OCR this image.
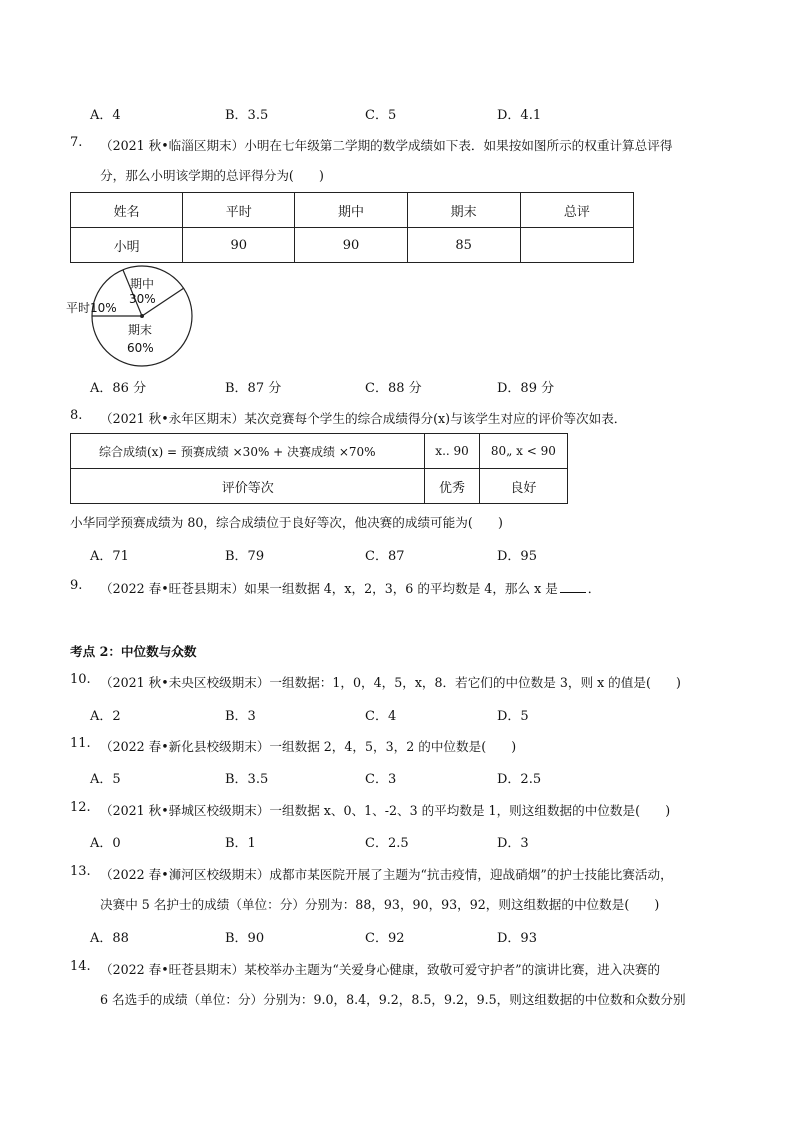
A．4	B．3.5	C．5	D．4.1
7. （2021 秋•临淄区期末）小明在七年级第二学期的数学成绩如下表．如果按如图所示的权重计算总评得
分，那么小明该学期的总评得分为(　　)
姓名	平时	期中	期末	总评
小明	90	90	85	
平时10%
期中
30%
期末
60%
A．86 分	B．87 分	C．88 分	D．89 分
8. （2021 秋•永年区期末）某次竞赛每个学生的综合成绩得分(x)与该学生对应的评价等次如表．
综合成绩(x) = 预赛成绩 ×30% + 决赛成绩 ×70%	x.. 90	80„ x < 90
评价等次	优秀	良好
小华同学预赛成绩为 80，综合成绩位于良好等次，他决赛的成绩可能为(　　)
A．71	B．79	C．87	D．95
9. （2022 春•旺苍县期末）如果一组数据 4，x，2，3，6 的平均数是 4，那么 x 是 ．
考点 2：中位数与众数
10. （2021 秋•未央区校级期末）一组数据：1，0，4，5，x，8．若它们的中位数是 3，则 x 的值是(　　)
A．2	B．3	C．4	D．5
11. （2022 春•新化县校级期末）一组数据 2，4，5，3，2 的中位数是(　　)
A．5	B．3.5	C．3	D．2.5
12. （2021 秋•驿城区校级期末）一组数据 x、0、1、-2、3 的平均数是 1，则这组数据的中位数是(　　)
A．0	B．1	C．2.5	D．3
13. （2022 春•浉河区校级期末）成都市某医院开展了主题为“抗击疫情，迎战硝烟”的护士技能比赛活动，
决赛中 5 名护士的成绩（单位：分）分别为：88，93，90，93，92，则这组数据的中位数是(　　)
A．88	B．90	C．92	D．93
14. （2022 春•旺苍县期末）某校举办主题为“关爱身心健康，致敬可爱守护者”的演讲比赛，进入决赛的
6 名选手的成绩（单位：分）分别为：9.0，8.4，9.2，8.5，9.2，9.5，则这组数据的中位数和众数分别
